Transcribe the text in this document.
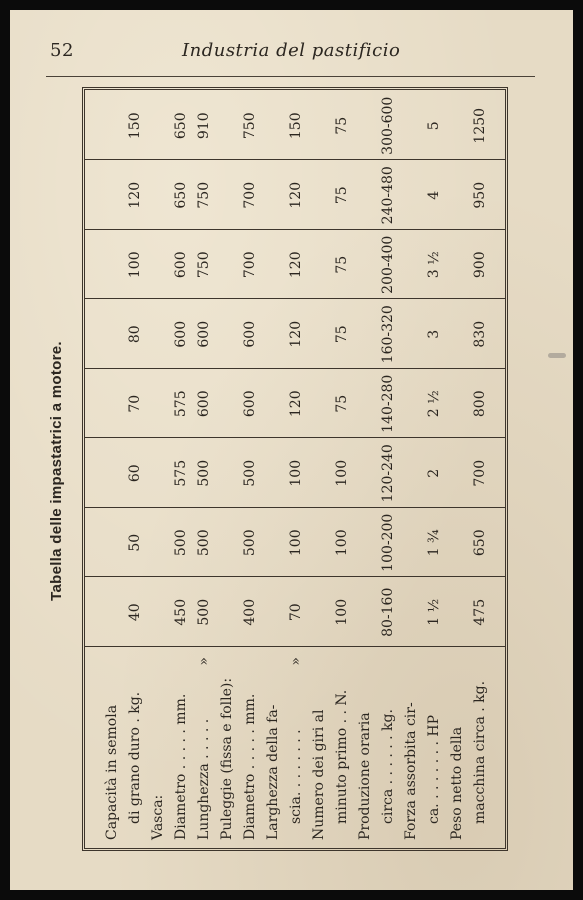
52	Industria del pastificio
Tabella delle impastatrici a motore.
Capacità in semola di grano duro . kg.
40
50
60
70
80
100
120
150
Vasca: Diametro . . . . . mm.
450
500
575
575
600
600
650
650
Lunghezza . . . . .
»
500
500
500
600
600
750
750
910
Puleggie (fissa e folle): Diametro . . . . . mm.
400
500
500
600
600
700
700
750
Larghezza della fa- scia. . . . . . . .
»
70
100
100
120
120
120
120
150
Numero dei giri al minuto primo . . N.
100
100
100
75
75
75
75
75
Produzione oraria circa . . . . . . kg.
80-160
100-200
120-240
140-280
160-320
200-400
240-480
300-600
Forza assorbita cir- ca. . . . . . . . HP
1 ½
1 ¾
2
2 ½
3
3 ½
4
5
Peso netto della macchina circa . kg.
475
650
700
800
830
900
950
1250
